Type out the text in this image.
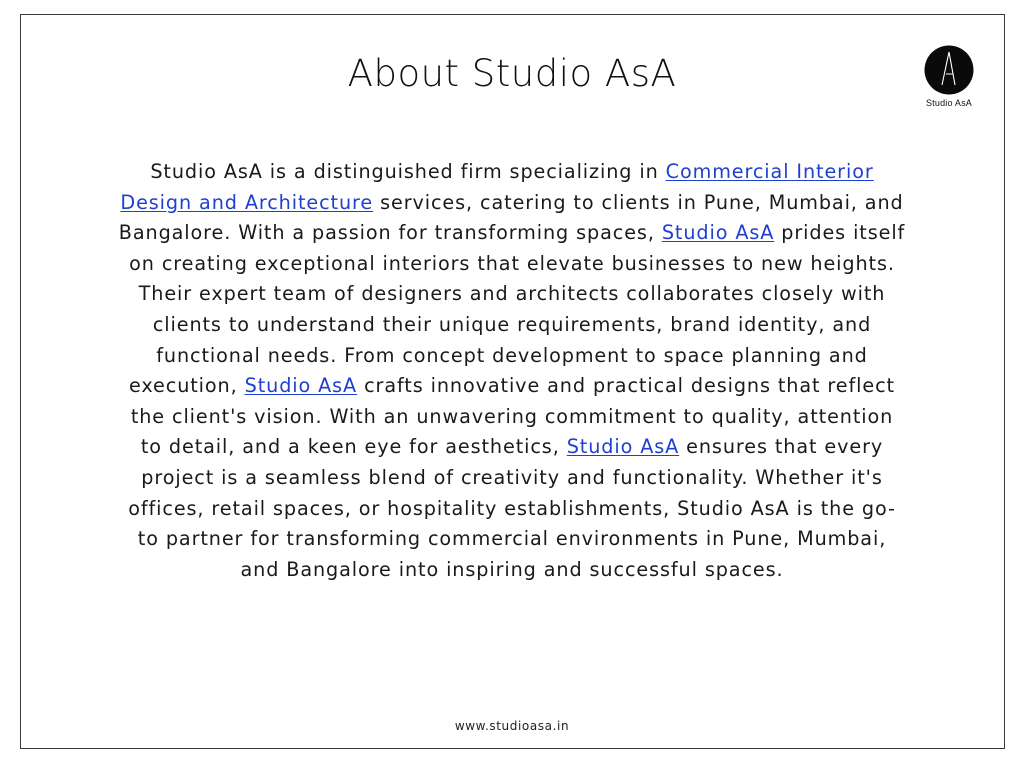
About Studio AsA
Studio AsA

Studio AsA is a distinguished firm specializing in Commercial Interior Design and Architecture services, catering to clients in Pune, Mumbai, and Bangalore. With a passion for transforming spaces, Studio AsA prides itself on creating exceptional interiors that elevate businesses to new heights. Their expert team of designers and architects collaborates closely with clients to understand their unique requirements, brand identity, and functional needs. From concept development to space planning and execution, Studio AsA crafts innovative and practical designs that reflect the client's vision. With an unwavering commitment to quality, attention to detail, and a keen eye for aesthetics, Studio AsA ensures that every project is a seamless blend of creativity and functionality. Whether it's offices, retail spaces, or hospitality establishments, Studio AsA is the go-to partner for transforming commercial environments in Pune, Mumbai, and Bangalore into inspiring and successful spaces.

www.studioasa.in
